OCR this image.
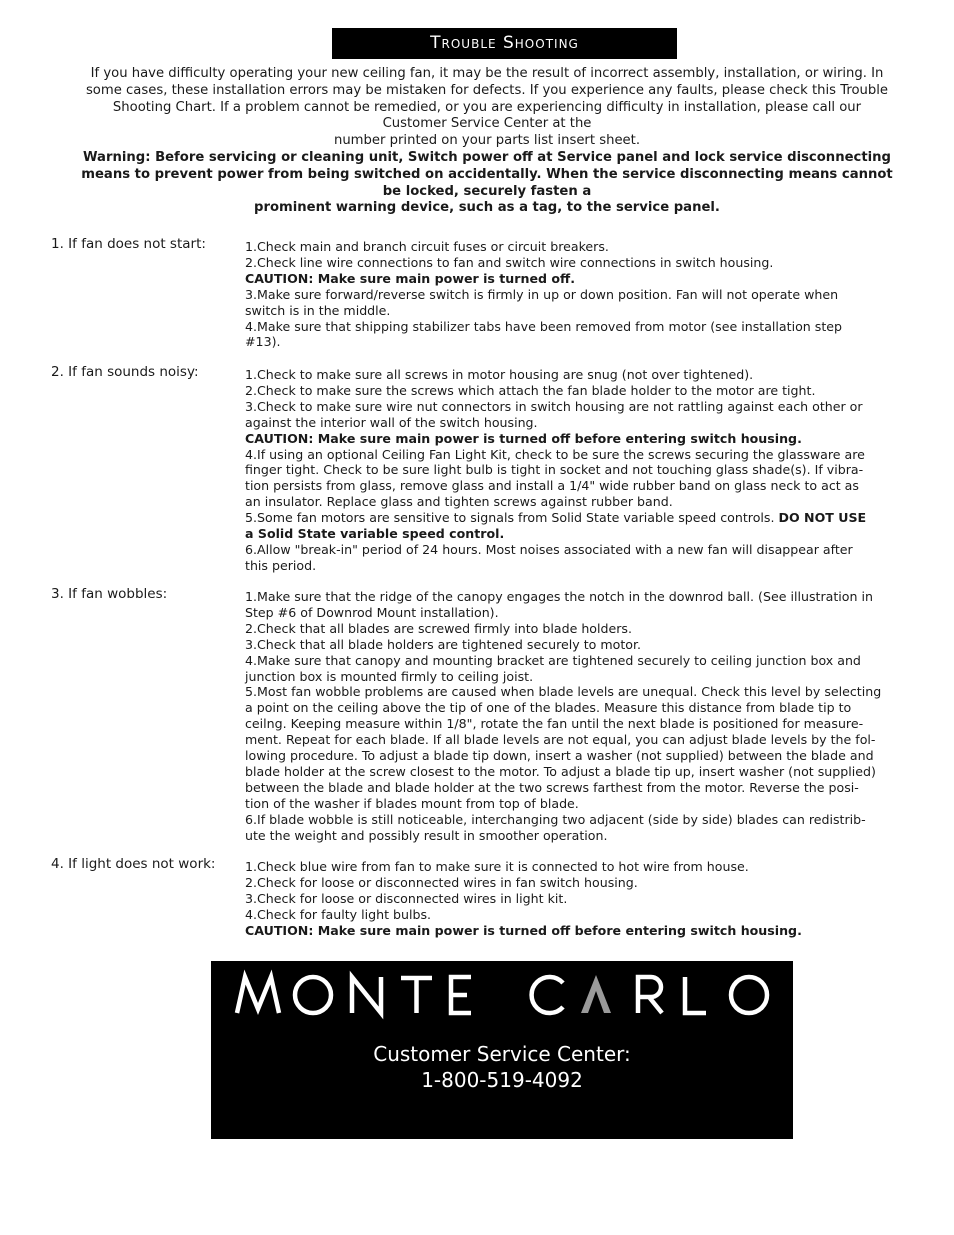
Trouble Shooting

If you have difficulty operating your new ceiling fan, it may be the result of incorrect assembly, installation, or wiring. In

some cases, these installation errors may be mistaken for defects. If you experience any faults, please check this Trouble

Shooting Chart. If a problem cannot be remedied, or you are experiencing difficulty in installation, please call our

Customer Service Center at the

number printed on your parts list insert sheet.

Warning: Before servicing or cleaning unit, Switch power off at Service panel and lock service disconnecting

means to prevent power from being switched on accidentally. When the service disconnecting means cannot

be locked, securely fasten a

prominent warning device, such as a tag, to the service panel.

1. If fan does not start:	1.Check main and branch circuit fuses or circuit breakers.

2.Check line wire connections to fan and switch wire connections in switch housing.

CAUTION: Make sure main power is turned off.

3.Make sure forward/reverse switch is firmly in up or down position. Fan will not operate when

switch is in the middle.

4.Make sure that shipping stabilizer tabs have been removed from motor (see installation step

#13).

2. If fan sounds noisy:	1.Check to make sure all screws in motor housing are snug (not over tightened).

2.Check to make sure the screws which attach the fan blade holder to the motor are tight.

3.Check to make sure wire nut connectors in switch housing are not rattling against each other or

against the interior wall of the switch housing.

CAUTION: Make sure main power is turned off before entering switch housing.

4.If using an optional Ceiling Fan Light Kit, check to be sure the screws securing the glassware are

finger tight. Check to be sure light bulb is tight in socket and not touching glass shade(s). If vibra-

tion persists from glass, remove glass and install a 1/4" wide rubber band on glass neck to act as

an insulator. Replace glass and tighten screws against rubber band.

5.Some fan motors are sensitive to signals from Solid State variable speed controls. DO NOT USE

a Solid State variable speed control.

6.Allow "break-in" period of 24 hours. Most noises associated with a new fan will disappear after

this period.

3. If fan wobbles:	1.Make sure that the ridge of the canopy engages the notch in the downrod ball. (See illustration in

Step #6 of Downrod Mount installation).

2.Check that all blades are screwed firmly into blade holders.

3.Check that all blade holders are tightened securely to motor.

4.Make sure that canopy and mounting bracket are tightened securely to ceiling junction box and

junction box is mounted firmly to ceiling joist.

5.Most fan wobble problems are caused when blade levels are unequal. Check this level by selecting

a point on the ceiling above the tip of one of the blades. Measure this distance from blade tip to

ceilng. Keeping measure within 1/8", rotate the fan until the next blade is positioned for measure-

ment. Repeat for each blade. If all blade levels are not equal, you can adjust blade levels by the fol-

lowing procedure. To adjust a blade tip down, insert a washer (not supplied) between the blade and

blade holder at the screw closest to the motor. To adjust a blade tip up, insert washer (not supplied)

between the blade and blade holder at the two screws farthest from the motor. Reverse the posi-

tion of the washer if blades mount from top of blade.

6.If blade wobble is still noticeable, interchanging two adjacent (side by side) blades can redistrib-

ute the weight and possibly result in smoother operation.

4. If light does not work:	1.Check blue wire from fan to make sure it is connected to hot wire from house.

2.Check for loose or disconnected wires in fan switch housing.

3.Check for loose or disconnected wires in light kit.

4.Check for faulty light bulbs.

CAUTION: Make sure main power is turned off before entering switch housing.

Customer Service Center:
1-800-519-4092
